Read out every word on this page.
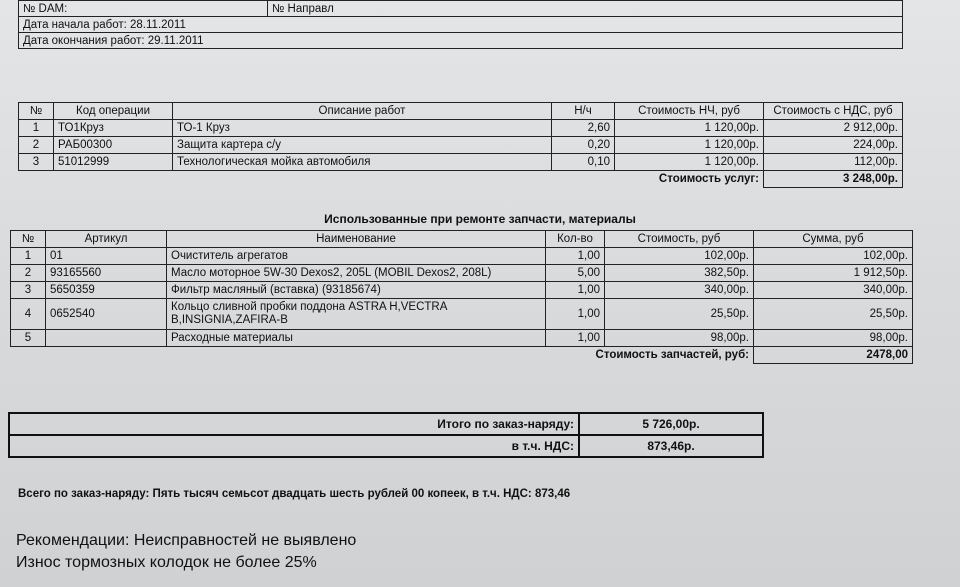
№ DAM:	№ Направл
Дата начала работ: 28.11.2011
Дата окончания работ: 29.11.2011
№	Код операции	Описание работ	Н/ч	Стоимость НЧ, руб	Стоимость с НДС, руб
1	ТО1Круз	ТО-1 Круз	2,60	1 120,00р.	2 912,00р.
2	РАБ00300	Защита картера с/у	0,20	1 120,00р.	224,00р.
3	51012999	Технологическая мойка автомобиля	0,10	1 120,00р.	112,00р.
Стоимость услуг:					3 248,00р.
Использованные при ремонте запчасти, материалы
№	Артикул	Наименование	Кол-во	Стоимость, руб	Сумма, руб
1	01	Очиститель агрегатов	1,00	102,00р.	102,00р.
2	93165560	Масло моторное 5W-30 Dexos2, 205L (MOBIL Dexos2, 208L)	5,00	382,50р.	1 912,50р.
3	5650359	Фильтр масляный (вставка) (93185674)	1,00	340,00р.	340,00р.
4	0652540	Кольцо сливной пробки поддона ASTRA H,VECTRA
B,INSIGNIA,ZAFIRA-B	1,00	25,50р.	25,50р.
5		Расходные материалы	1,00	98,00р.	98,00р.
Стоимость запчастей, руб:					2478,00
Итого по заказ-наряду:	5 726,00р.
в т.ч. НДС:	873,46р.
Всего по заказ-наряду: Пять тысяч семьсот двадцать шесть рублей 00 копеек, в т.ч. НДС: 873,46
Рекомендации: Неисправностей не выявлено
Износ тормозных колодок не более 25%
